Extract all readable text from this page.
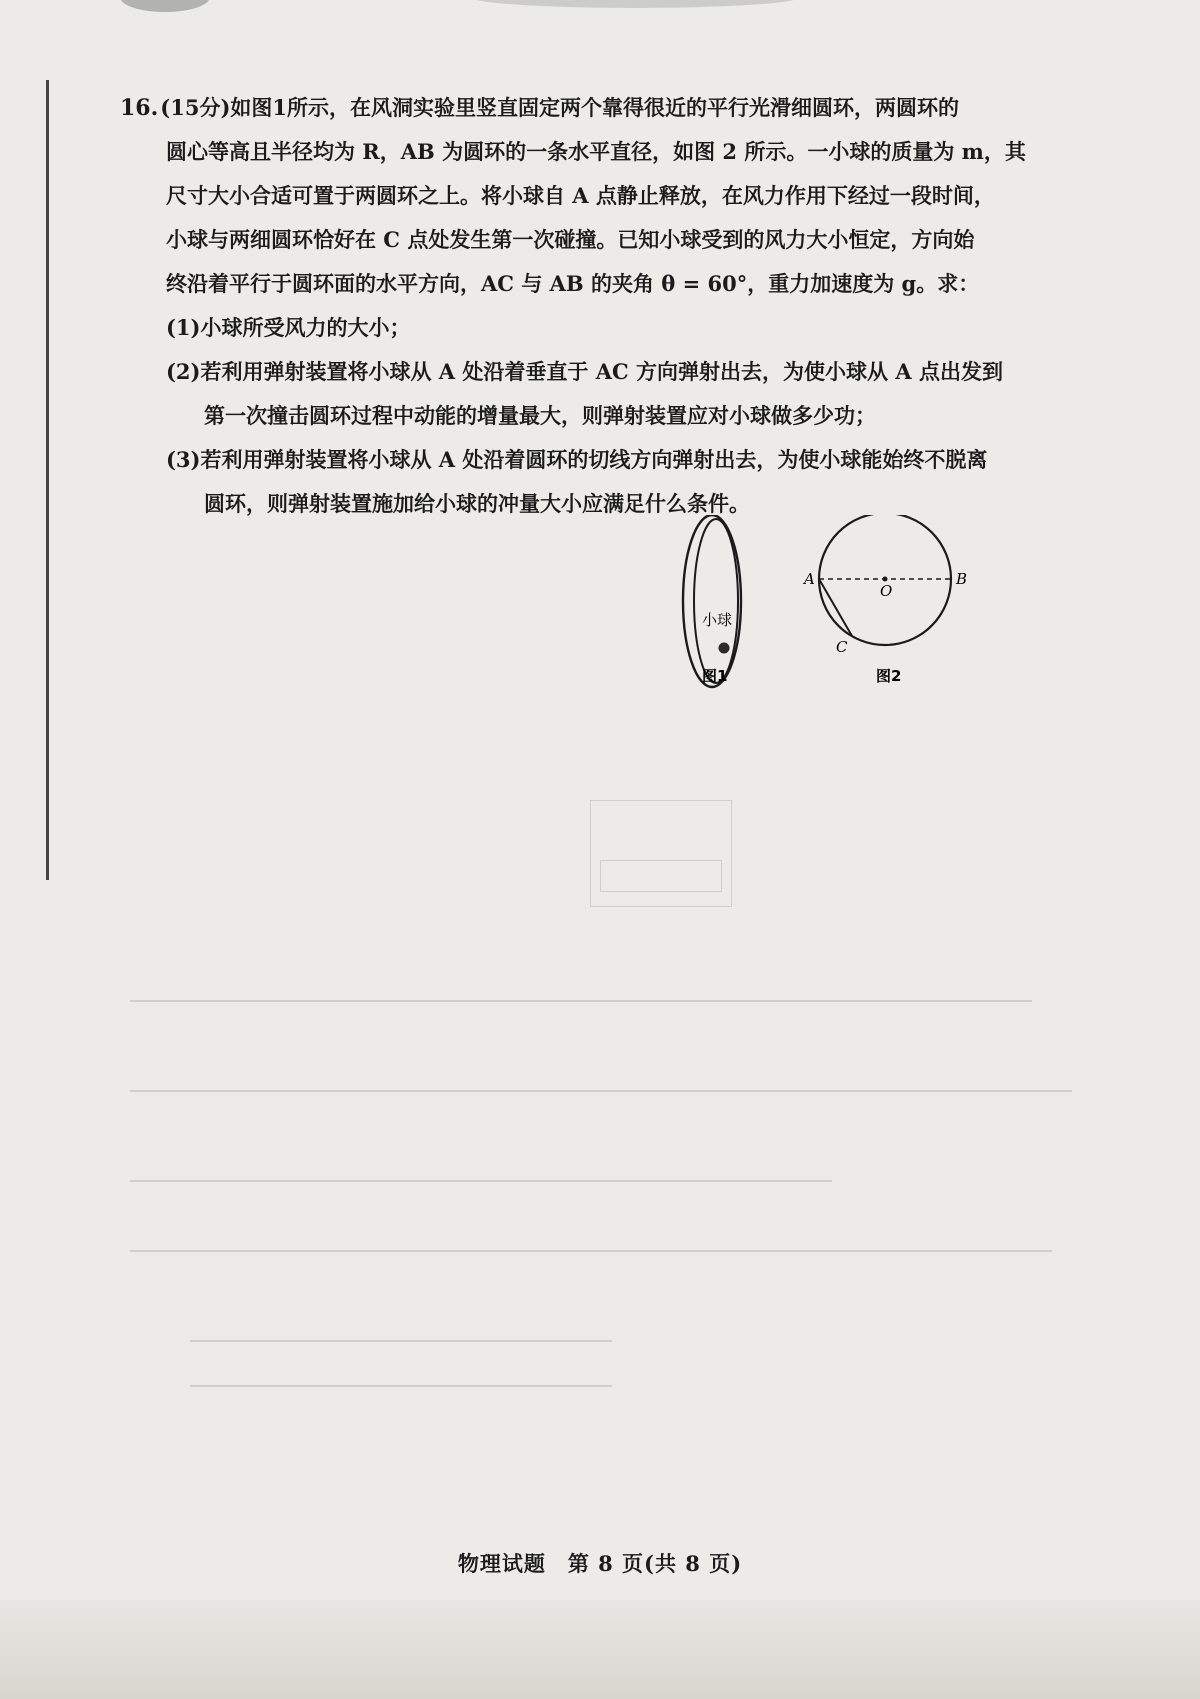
16.(15分)如图1所示，在风洞实验里竖直固定两个靠得很近的平行光滑细圆环，两圆环的
圆心等高且半径均为 R，AB 为圆环的一条水平直径，如图 2 所示。一小球的质量为 m，其
尺寸大小合适可置于两圆环之上。将小球自 A 点静止释放，在风力作用下经过一段时间，
小球与两细圆环恰好在 C 点处发生第一次碰撞。已知小球受到的风力大小恒定，方向始
终沿着平行于圆环面的水平方向，AC 与 AB 的夹角 θ = 60°，重力加速度为 g。求：
(1)小球所受风力的大小；
(2)若利用弹射装置将小球从 A 处沿着垂直于 AC 方向弹射出去，为使小球从 A 点出发到
第一次撞击圆环过程中动能的增量最大，则弹射装置应对小球做多少功；
(3)若利用弹射装置将小球从 A 处沿着圆环的切线方向弹射出去，为使小球能始终不脱离
圆环，则弹射装置施加给小球的冲量大小应满足什么条件。
小球
图1
A	B
O
C
图2
物理试题　第 8 页(共 8 页)
